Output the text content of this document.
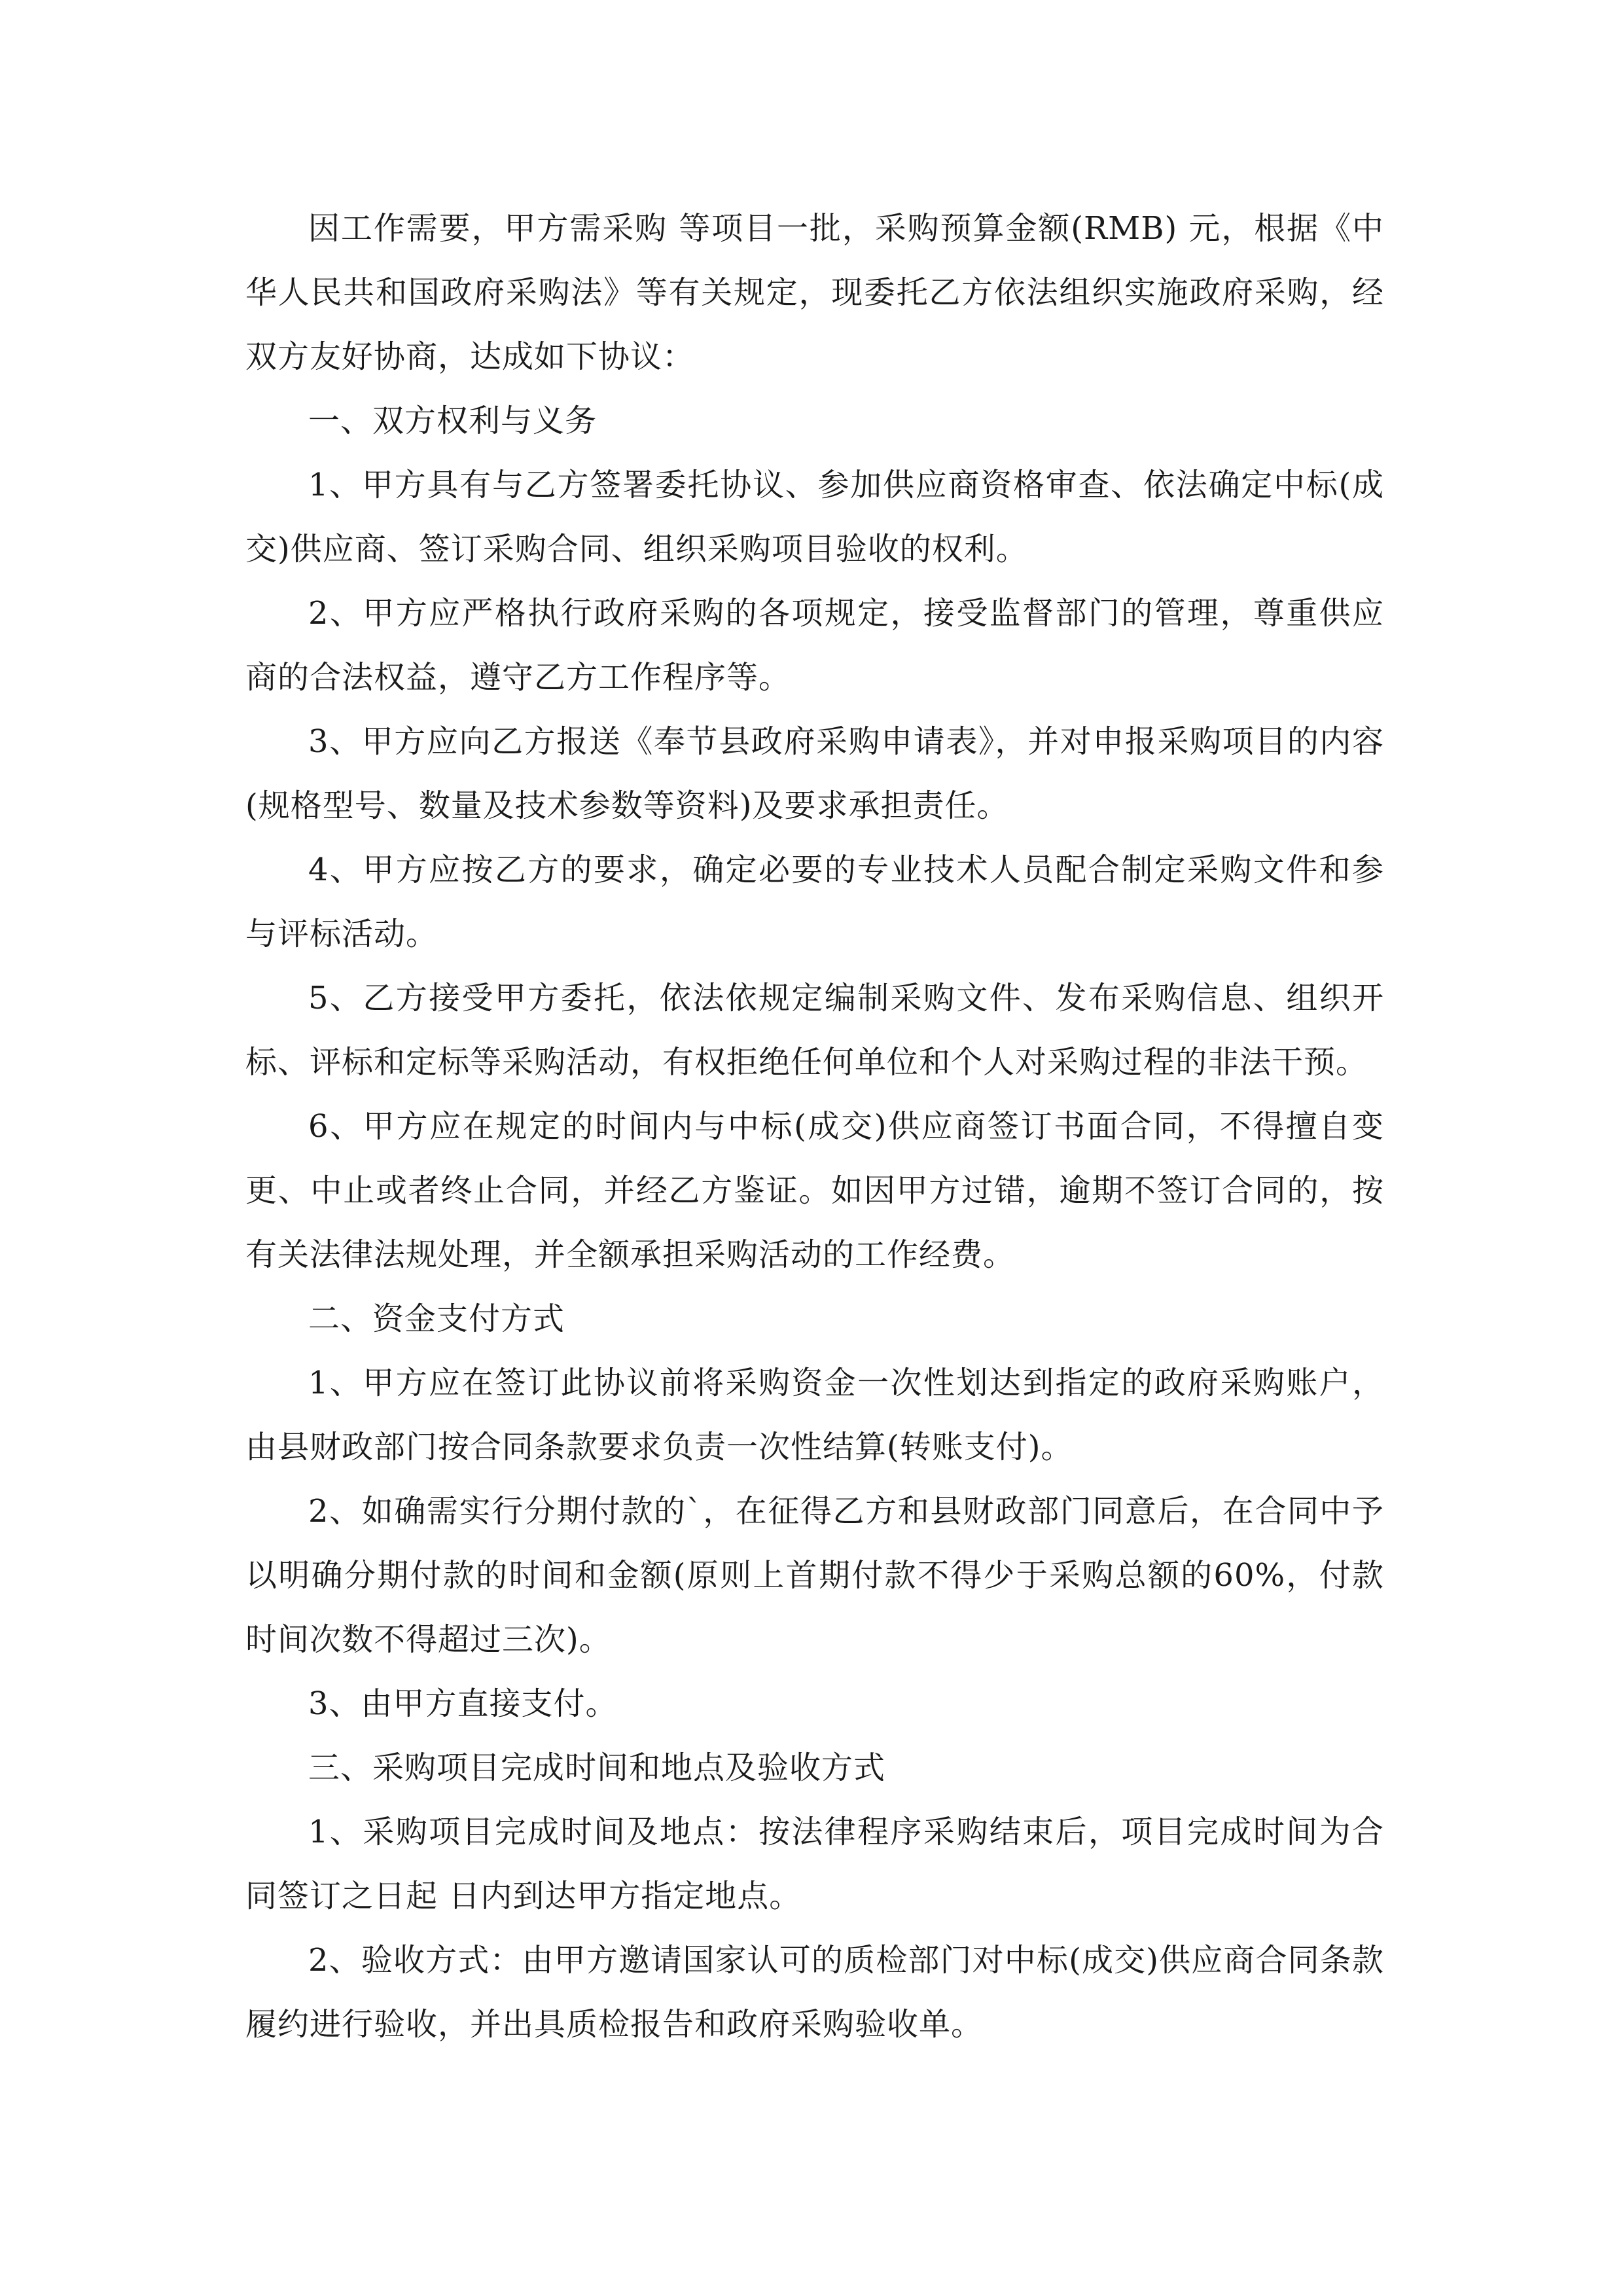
因工作需要，甲方需采购 等项目一批，采购预算金额(RMB) 元，根据《中华人民共和国政府采购法》等有关规定，现委托乙方依法组织实施政府采购，经双方友好协商，达成如下协议：

一、双方权利与义务

1、甲方具有与乙方签署委托协议、参加供应商资格审查、依法确定中标(成交)供应商、签订采购合同、组织采购项目验收的权利。

2、甲方应严格执行政府采购的各项规定，接受监督部门的管理，尊重供应商的合法权益，遵守乙方工作程序等。

3、甲方应向乙方报送《奉节县政府采购申请表》，并对申报采购项目的内容(规格型号、数量及技术参数等资料)及要求承担责任。

4、甲方应按乙方的要求，确定必要的专业技术人员配合制定采购文件和参与评标活动。

5、乙方接受甲方委托，依法依规定编制采购文件、发布采购信息、组织开标、评标和定标等采购活动，有权拒绝任何单位和个人对采购过程的非法干预。

6、甲方应在规定的时间内与中标(成交)供应商签订书面合同，不得擅自变更、中止或者终止合同，并经乙方鉴证。如因甲方过错，逾期不签订合同的，按有关法律法规处理，并全额承担采购活动的工作经费。

二、资金支付方式

1、甲方应在签订此协议前将采购资金一次性划达到指定的政府采购账户，由县财政部门按合同条款要求负责一次性结算(转账支付)。

2、如确需实行分期付款的`，在征得乙方和县财政部门同意后，在合同中予以明确分期付款的时间和金额(原则上首期付款不得少于采购总额的60%，付款时间次数不得超过三次)。

3、由甲方直接支付。

三、采购项目完成时间和地点及验收方式

1、采购项目完成时间及地点：按法律程序采购结束后，项目完成时间为合同签订之日起 日内到达甲方指定地点。

2、验收方式：由甲方邀请国家认可的质检部门对中标(成交)供应商合同条款履约进行验收，并出具质检报告和政府采购验收单。
